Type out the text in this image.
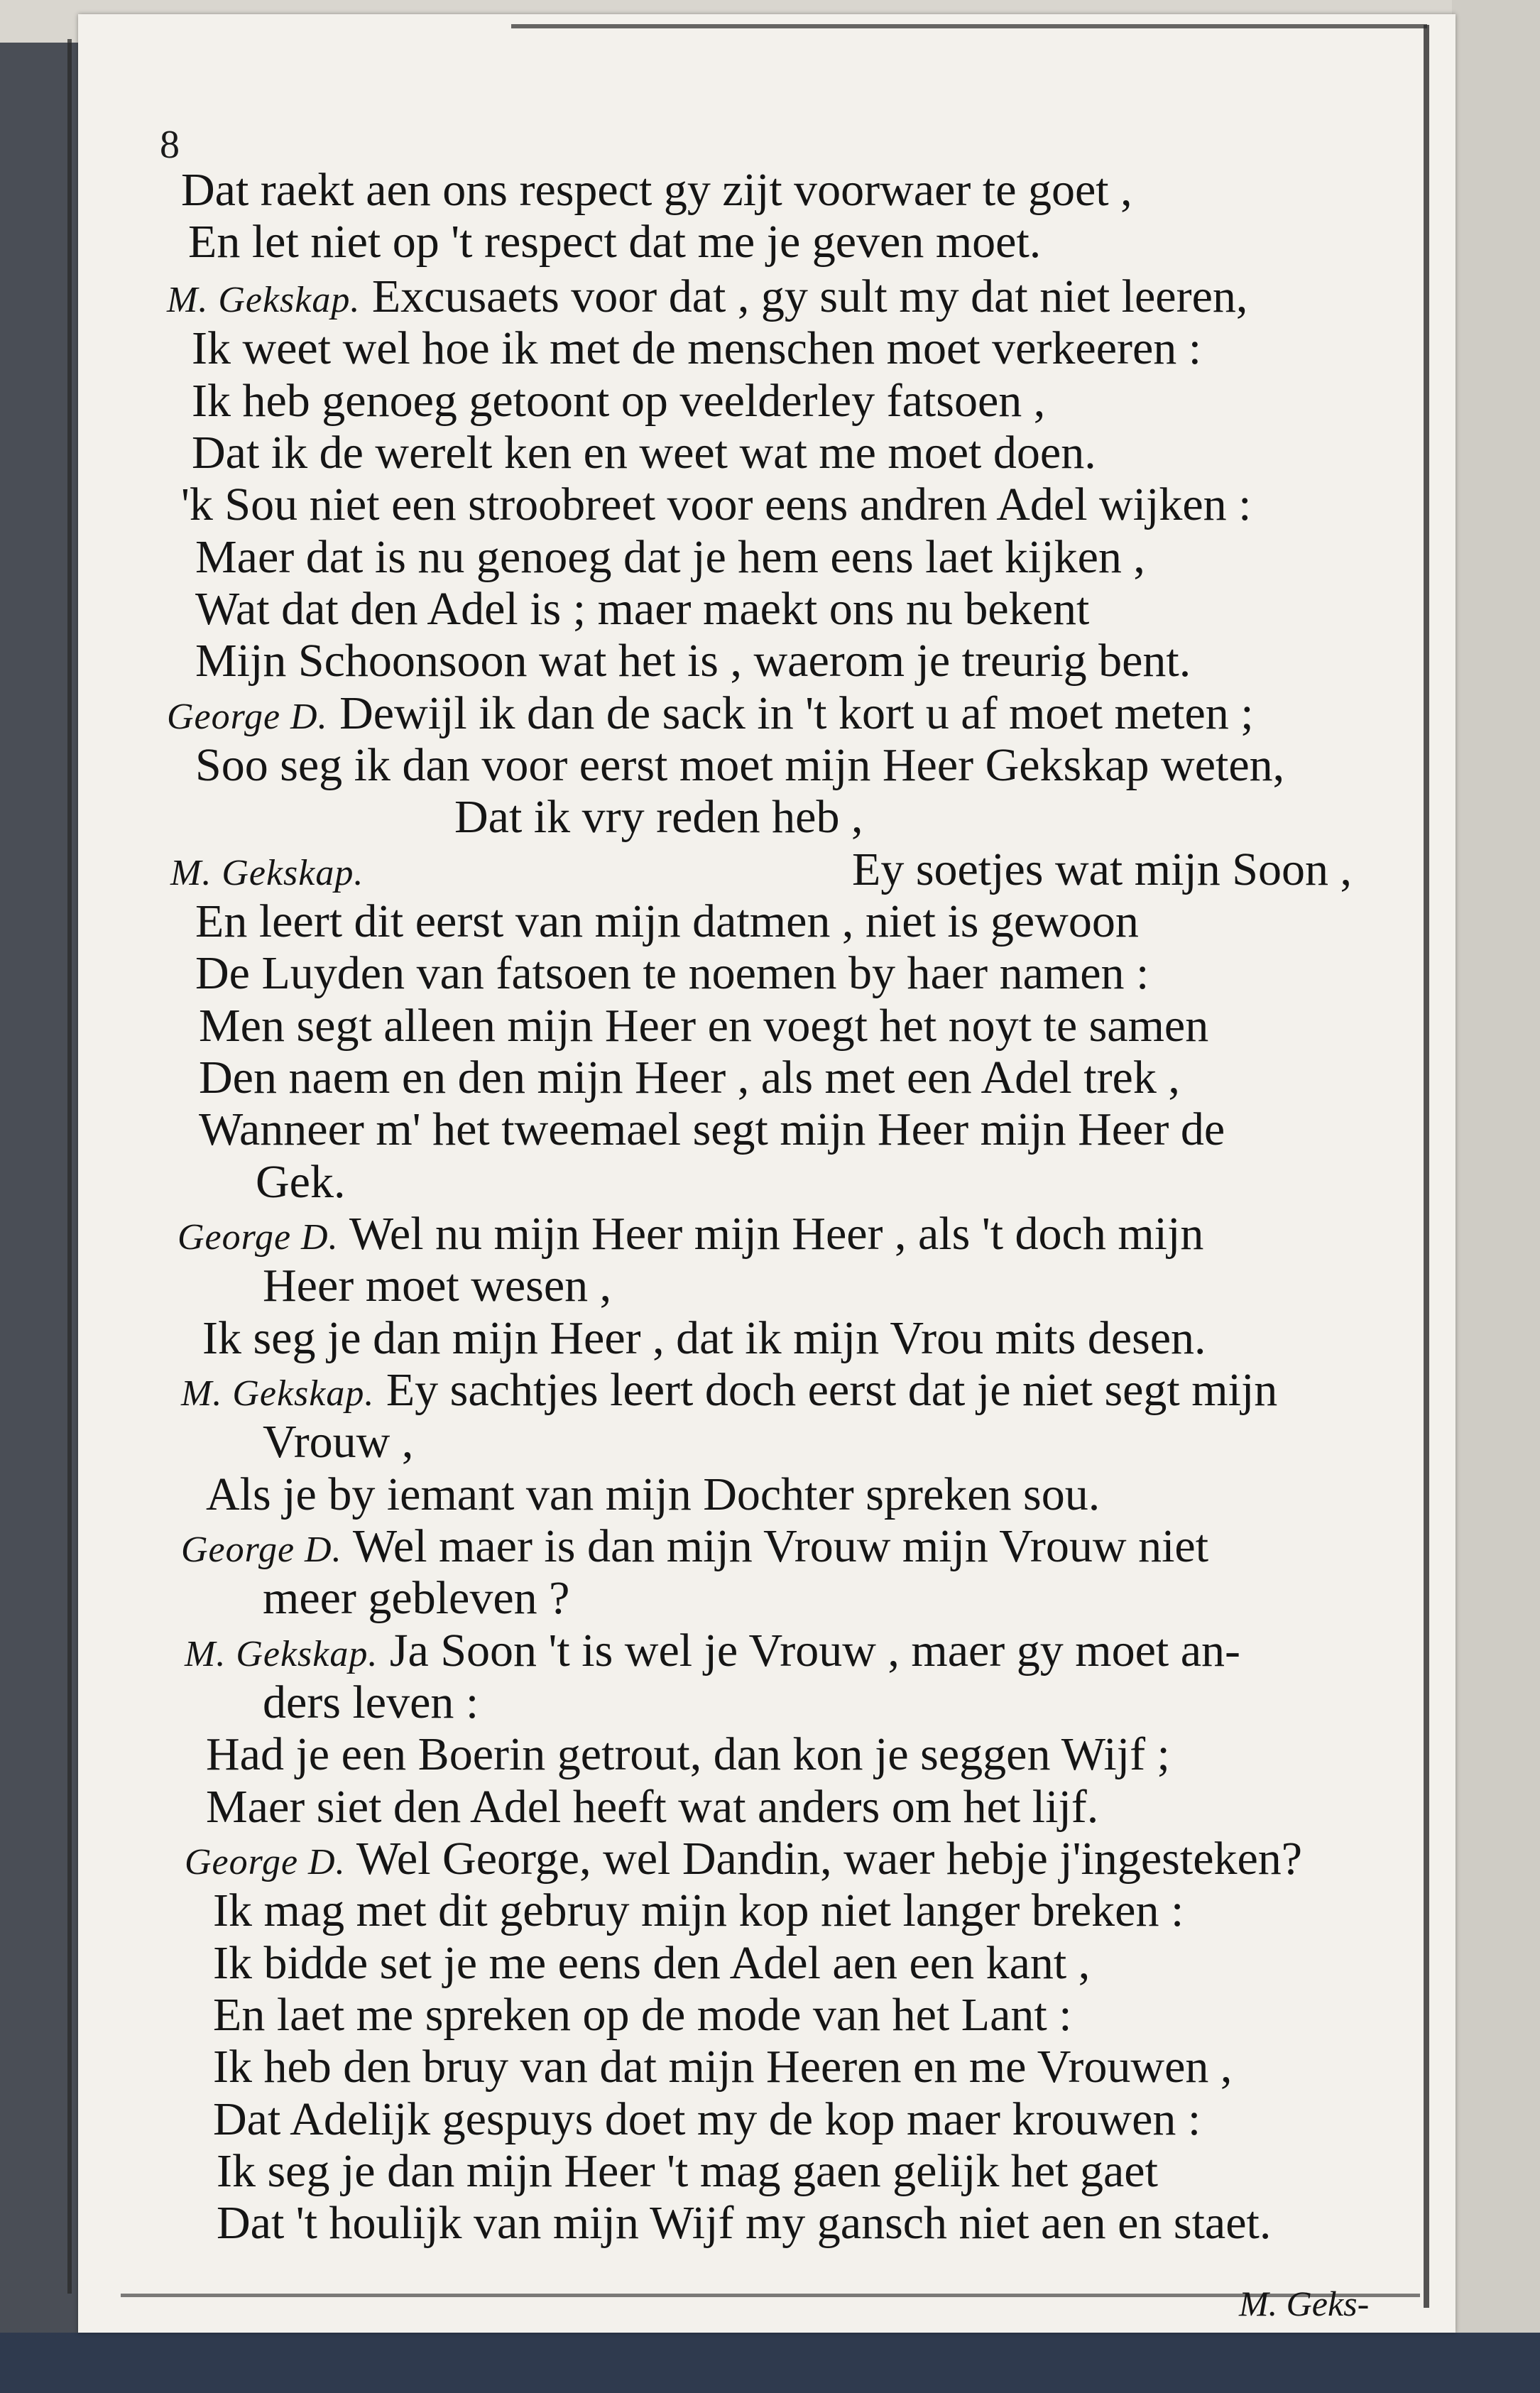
8
Dat raekt aen ons respect gy zijt voorwaer te goet ,
En let niet op 't respect dat me je geven moet.
M. Gekskap. Excusaets voor dat , gy sult my dat niet leeren,
Ik weet wel hoe ik met de menschen moet verkeeren :
Ik heb genoeg getoont op veelderley fatsoen ,
Dat ik de werelt ken en weet wat me moet doen.
'k Sou niet een stroobreet voor eens andren Adel wijken :
Maer dat is nu genoeg dat je hem eens laet kijken ,
Wat dat den Adel is ; maer maekt ons nu bekent
Mijn Schoonsoon wat het is , waerom je treurig bent.
George D. Dewijl ik dan de sack in 't kort u af moet meten ;
Soo seg ik dan voor eerst moet mijn Heer Gekskap weten,
Dat ik vry reden heb ,
M. Gekskap.	Ey soetjes wat mijn Soon ,
En leert dit eerst van mijn datmen , niet is gewoon
De Luyden van fatsoen te noemen by haer namen :
Men segt alleen mijn Heer en voegt het noyt te samen
Den naem en den mijn Heer , als met een Adel trek ,
Wanneer m' het tweemael segt mijn Heer mijn Heer de
Gek.
George D. Wel nu mijn Heer mijn Heer , als 't doch mijn
Heer moet wesen ,
Ik seg je dan mijn Heer , dat ik mijn Vrou mits desen.
M. Gekskap. Ey sachtjes leert doch eerst dat je niet segt mijn
Vrouw ,
Als je by iemant van mijn Dochter spreken sou.
George D. Wel maer is dan mijn Vrouw mijn Vrouw niet
meer gebleven ?
M. Gekskap. Ja Soon 't is wel je Vrouw , maer gy moet an-
ders leven :
Had je een Boerin getrout, dan kon je seggen Wijf ;
Maer siet den Adel heeft wat anders om het lijf.
George D. Wel George, wel Dandin, waer hebje j'ingesteken?
Ik mag met dit gebruy mijn kop niet langer breken :
Ik bidde set je me eens den Adel aen een kant ,
En laet me spreken op de mode van het Lant :
Ik heb den bruy van dat mijn Heeren en me Vrouwen ,
Dat Adelijk gespuys doet my de kop maer krouwen :
Ik seg je dan mijn Heer 't mag gaen gelijk het gaet
Dat 't houlijk van mijn Wijf my gansch niet aen en staet.
M. Geks-
